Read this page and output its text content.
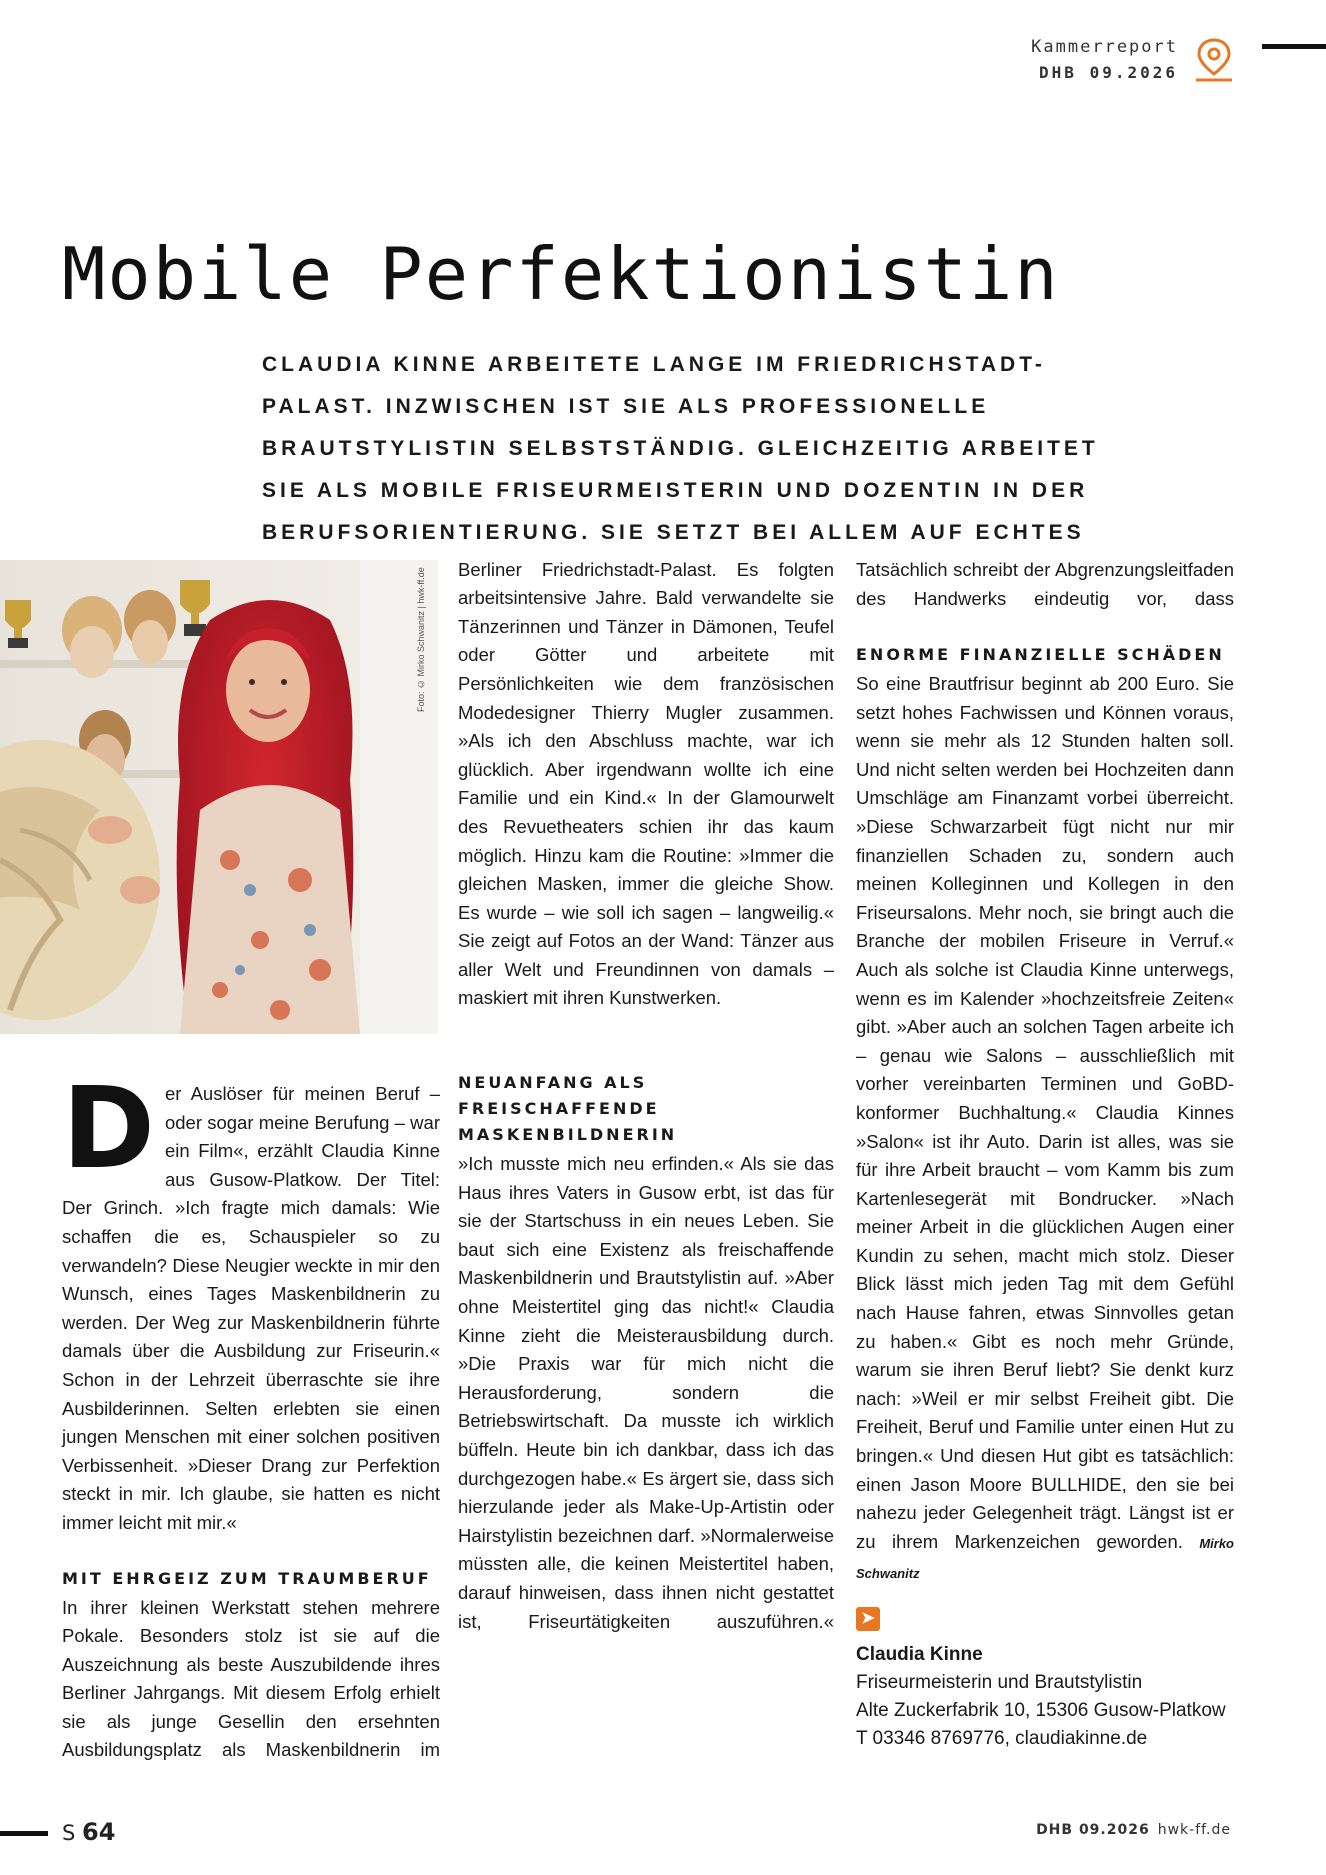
Kammerreport
DHB 09.2026
Mobile Perfektionistin

CLAUDIA KINNE ARBEITETE LANGE IM FRIEDRICHSTADT-PALAST. INZWISCHEN IST SIE ALS PROFESSIONELLE BRAUTSTYLISTIN SELBSTSTÄNDIG. GLEICHZEITIG ARBEITET SIE ALS MOBILE FRISEURMEISTERIN UND DOZENTIN IN DER BERUFSORIENTIERUNG. SIE SETZT BEI ALLEM AUF ECHTES

Foto: © Mirko Schwanitz | hwk-ff.de

Der Auslöser für meinen Beruf – oder sogar meine Berufung – war ein Film«, erzählt Claudia Kinne aus Gusow-Platkow. Der Titel: Der Grinch. »Ich fragte mich damals: Wie schaffen die es, Schauspieler so zu verwandeln? Diese Neugier weckte in mir den Wunsch, eines Tages Maskenbildnerin zu werden. Der Weg zur Maskenbildnerin führte damals über die Ausbildung zur Friseurin.« Schon in der Lehrzeit überraschte sie ihre Ausbilderinnen. Selten erlebten sie einen jungen Menschen mit einer solchen positiven Verbissenheit. »Dieser Drang zur Perfektion steckt in mir. Ich glaube, sie hatten es nicht immer leicht mit mir.«

MIT EHRGEIZ ZUM TRAUMBERUF

In ihrer kleinen Werkstatt stehen mehrere Pokale. Besonders stolz ist sie auf die Auszeichnung als beste Auszubildende ihres Berliner Jahrgangs. Mit diesem Erfolg erhielt sie als junge Gesellin den ersehnten Ausbildungsplatz als Maskenbildnerin im

Berliner Friedrichstadt-Palast. Es folgten arbeitsintensive Jahre. Bald verwandelte sie Tänzerinnen und Tänzer in Dämonen, Teufel oder Götter und arbeitete mit Persönlichkeiten wie dem französischen Modedesigner Thierry Mugler zusammen. »Als ich den Abschluss machte, war ich glücklich. Aber irgendwann wollte ich eine Familie und ein Kind.« In der Glamourwelt des Revuetheaters schien ihr das kaum möglich. Hinzu kam die Routine: »Immer die gleichen Masken, immer die gleiche Show. Es wurde – wie soll ich sagen – langweilig.« Sie zeigt auf Fotos an der Wand: Tänzer aus aller Welt und Freundinnen von damals – maskiert mit ihren Kunstwerken.

NEUANFANG ALS FREISCHAFFENDE MASKENBILDNERIN

»Ich musste mich neu erfinden.« Als sie das Haus ihres Vaters in Gusow erbt, ist das für sie der Startschuss in ein neues Leben. Sie baut sich eine Existenz als freischaffende Maskenbildnerin und Brautstylistin auf. »Aber ohne Meistertitel ging das nicht!« Claudia Kinne zieht die Meisterausbildung durch. »Die Praxis war für mich nicht die Herausforderung, sondern die Betriebswirtschaft. Da musste ich wirklich büffeln. Heute bin ich dankbar, dass ich das durchgezogen habe.« Es ärgert sie, dass sich hierzulande jeder als Make-Up-Artistin oder Hairstylistin bezeichnen darf. »Normalerweise müssten alle, die keinen Meistertitel haben, darauf hinweisen, dass ihnen nicht gestattet ist, Friseurtätigkeiten auszuführen.«

Tatsächlich schreibt der Abgrenzungsleitfaden des Handwerks eindeutig vor, dass

ENORME FINANZIELLE SCHÄDEN

So eine Brautfrisur beginnt ab 200 Euro. Sie setzt hohes Fachwissen und Können voraus, wenn sie mehr als 12 Stunden halten soll. Und nicht selten werden bei Hochzeiten dann Umschläge am Finanzamt vorbei überreicht. »Diese Schwarzarbeit fügt nicht nur mir finanziellen Schaden zu, sondern auch meinen Kolleginnen und Kollegen in den Friseursalons. Mehr noch, sie bringt auch die Branche der mobilen Friseure in Verruf.« Auch als solche ist Claudia Kinne unterwegs, wenn es im Kalender »hochzeitsfreie Zeiten« gibt. »Aber auch an solchen Tagen arbeite ich – genau wie Salons – ausschließlich mit vorher vereinbarten Terminen und GoBD-konformer Buchhaltung.« Claudia Kinnes »Salon« ist ihr Auto. Darin ist alles, was sie für ihre Arbeit braucht – vom Kamm bis zum Kartenlesegerät mit Bondrucker. »Nach meiner Arbeit in die glücklichen Augen einer Kundin zu sehen, macht mich stolz. Dieser Blick lässt mich jeden Tag mit dem Gefühl nach Hause fahren, etwas Sinnvolles getan zu haben.« Gibt es noch mehr Gründe, warum sie ihren Beruf liebt? Sie denkt kurz nach: »Weil er mir selbst Freiheit gibt. Die Freiheit, Beruf und Familie unter einen Hut zu bringen.« Und diesen Hut gibt es tatsächlich: einen Jason Moore BULLHIDE, den sie bei nahezu jeder Gelegenheit trägt. Längst ist er zu ihrem Markenzeichen geworden. Mirko Schwanitz

➤
Claudia Kinne
Friseurmeisterin und Brautstylistin
Alte Zuckerfabrik 10, 15306 Gusow-Platkow
T 03346 8769776, claudiakinne.de
S 64	DHB 09.2026 hwk-ff.de
